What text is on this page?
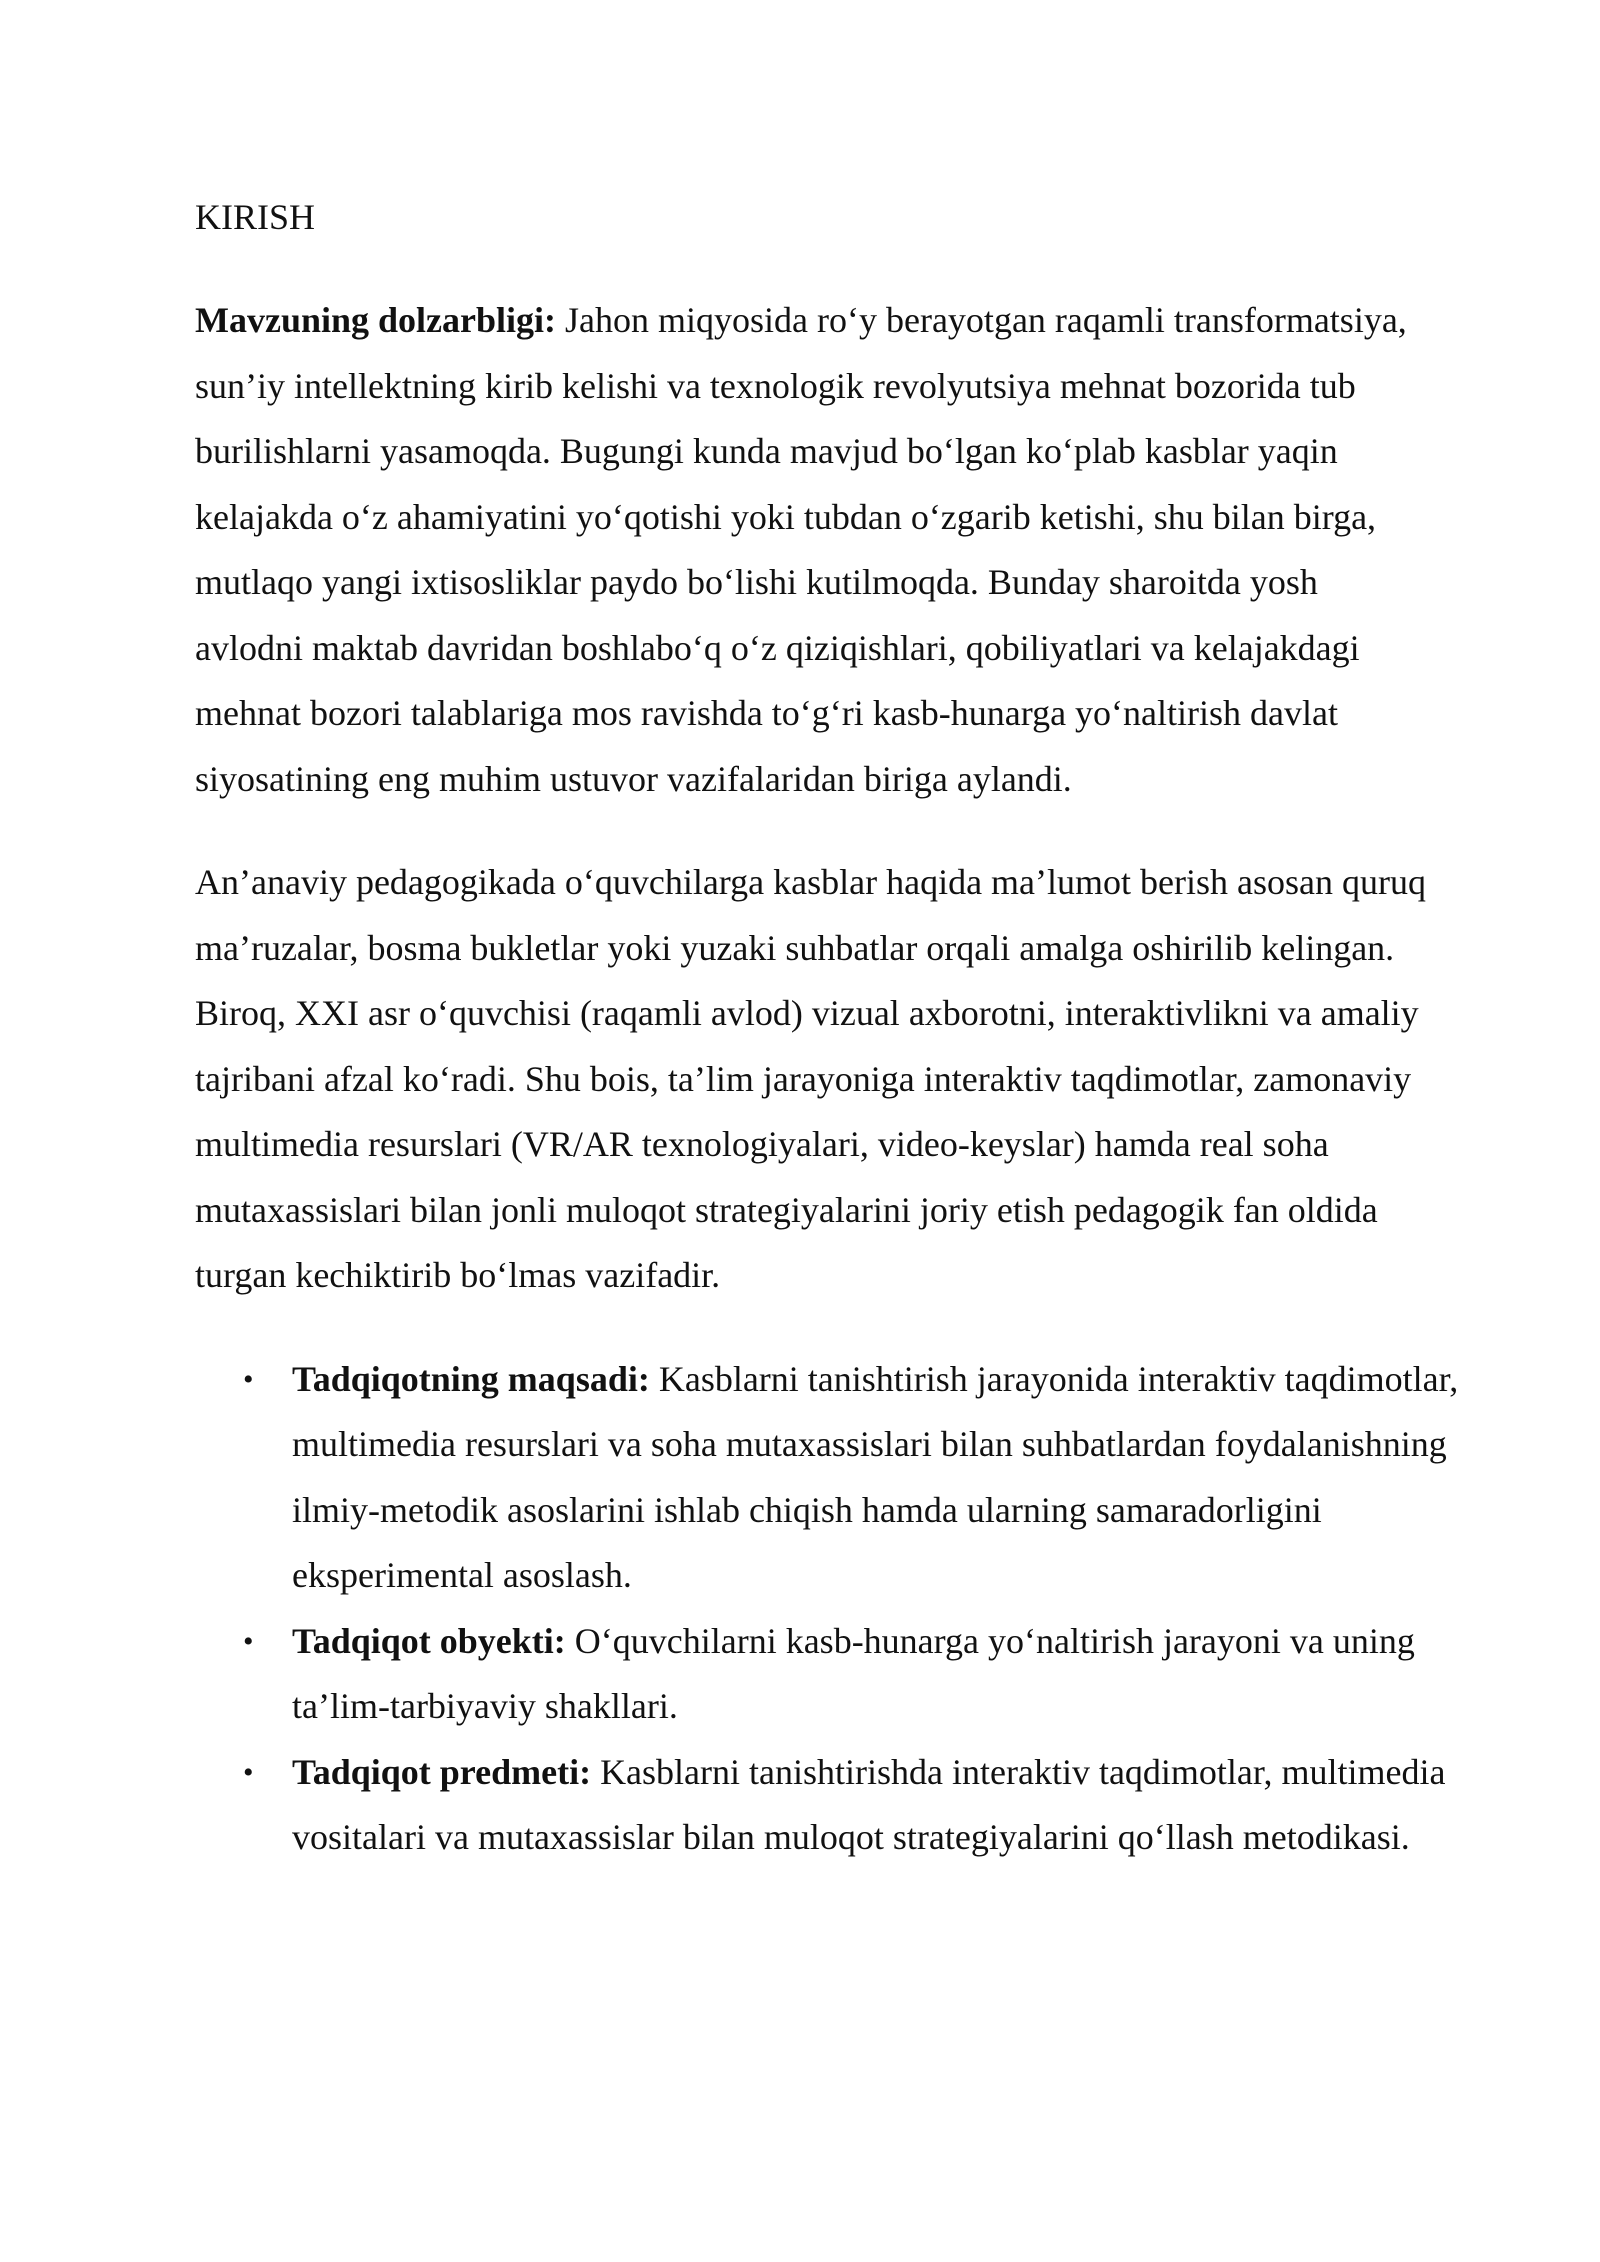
KIRISH

Mavzuning dolzarbligi: Jahon miqyosida ro‘y berayotgan raqamli transformatsiya, sun’iy intellektning kirib kelishi va texnologik revolyutsiya mehnat bozorida tub burilishlarni yasamoqda. Bugungi kunda mavjud bo‘lgan ko‘plab kasblar yaqin kelajakda o‘z ahamiyatini yo‘qotishi yoki tubdan o‘zgarib ketishi, shu bilan birga, mutlaqo yangi ixtisosliklar paydo bo‘lishi kutilmoqda. Bunday sharoitda yosh avlodni maktab davridan boshlabo‘q o‘z qiziqishlari, qobiliyatlari va kelajakdagi mehnat bozori talablariga mos ravishda to‘g‘ri kasb-hunarga yo‘naltirish davlat siyosatining eng muhim ustuvor vazifalaridan biriga aylandi.

An’anaviy pedagogikada o‘quvchilarga kasblar haqida ma’lumot berish asosan quruq ma’ruzalar, bosma bukletlar yoki yuzaki suhbatlar orqali amalga oshirilib kelingan. Biroq, XXI asr o‘quvchisi (raqamli avlod) vizual axborotni, interaktivlikni va amaliy tajribani afzal ko‘radi. Shu bois, ta’lim jarayoniga interaktiv taqdimotlar, zamonaviy multimedia resurslari (VR/AR texnologiyalari, video-keyslar) hamda real soha mutaxassislari bilan jonli muloqot strategiyalarini joriy etish pedagogik fan oldida turgan kechiktirib bo‘lmas vazifadir.

• Tadqiqotning maqsadi: Kasblarni tanishtirish jarayonida interaktiv taqdimotlar, multimedia resurslari va soha mutaxassislari bilan suhbatlardan foydalanishning ilmiy-metodik asoslarini ishlab chiqish hamda ularning samaradorligini eksperimental asoslash.
• Tadqiqot obyekti: O‘quvchilarni kasb-hunarga yo‘naltirish jarayoni va uning ta’lim-tarbiyaviy shakllari.
• Tadqiqot predmeti: Kasblarni tanishtirishda interaktiv taqdimotlar, multimedia vositalari va mutaxassislar bilan muloqot strategiyalarini qo‘llash metodikasi.
